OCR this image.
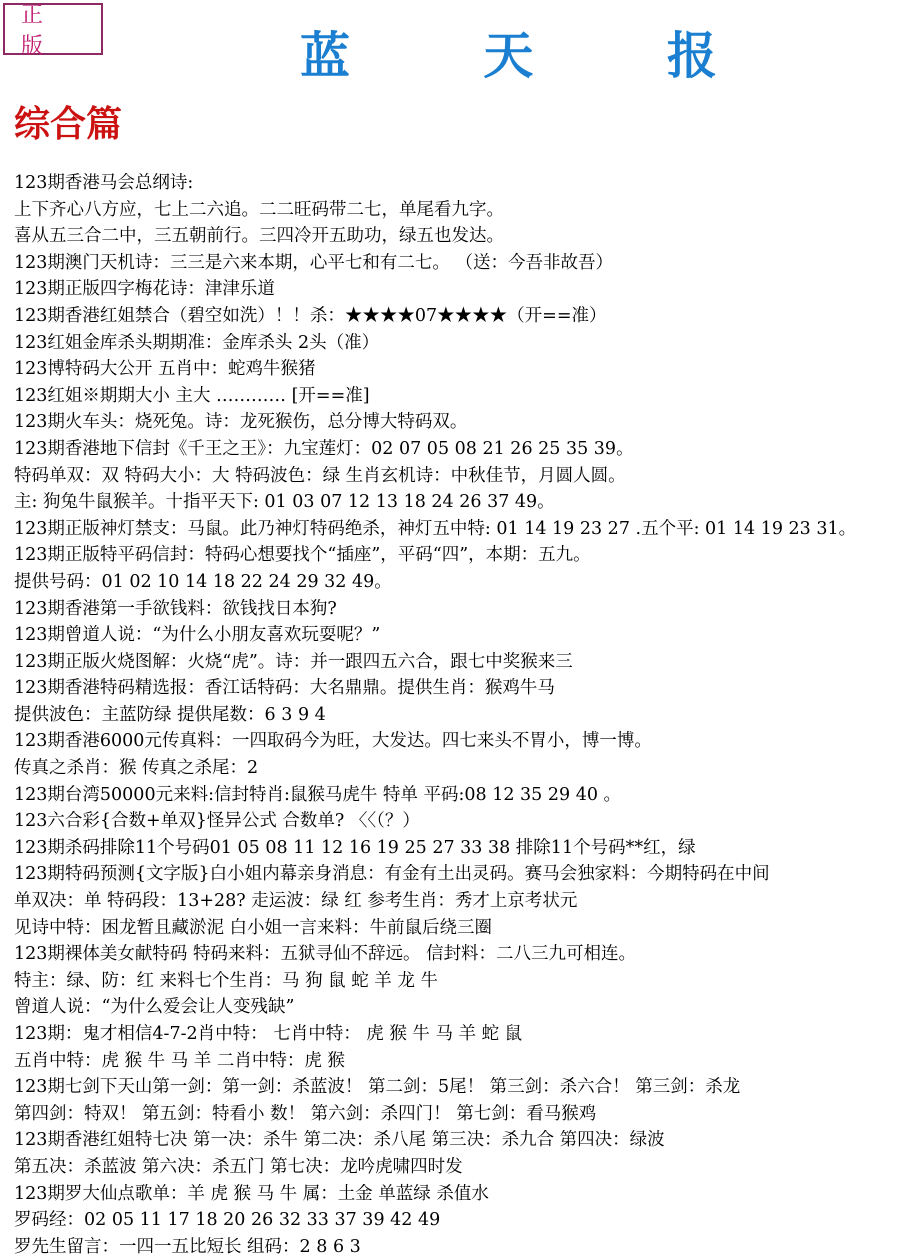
正 版	蓝 天 报
综合篇
123期香港马会总纲诗:
上下齐心八方应，七上二六追。二二旺码带二七，单尾看九字。
喜从五三合二中，三五朝前行。三四冷开五助功，绿五也发达。
123期澳门天机诗：三三是六来本期，心平七和有二七。 （送：今吾非故吾）
123期正版四字梅花诗：津津乐道
123期香港红姐禁合（碧空如洗）！！杀：★★★★07★★★★（开==准）
123红姐金库杀头期期准：金库杀头 2头（准）
123博特码大公开 五肖中：蛇鸡牛猴猪
123红姐※期期大小 主大 ………… [开==准]
123期火车头：烧死兔。诗：龙死猴伤，总分博大特码双。
123期香港地下信封《千王之王》：九宝莲灯：02 07 05 08 21 26 25 35 39。
特码单双：双 特码大小：大 特码波色：绿 生肖玄机诗：中秋佳节，月圆人圆。
主: 狗兔牛鼠猴羊。十指平天下: 01 03 07 12 13 18 24 26 37 49。
123期正版神灯禁支：马鼠。此乃神灯特码绝杀，神灯五中特: 01 14 19 23 27 .五个平: 01 14 19 23 31。
123期正版特平码信封：特码心想要找个“插座”，平码“四”，本期：五九。
提供号码：01 02 10 14 18 22 24 29 32 49。
123期香港第一手欲钱料：欲钱找日本狗?
123期曾道人说：“为什么小朋友喜欢玩耍呢？”
123期正版火烧图解：火烧“虎”。诗：并一跟四五六合，跟七中奖猴来三
123期香港特码精选报：香江话特码：大名鼎鼎。提供生肖：猴鸡牛马
提供波色：主蓝防绿 提供尾数：6 3 9 4
123期香港6000元传真料：一四取码今为旺，大发达。四七来头不胃小，博一博。
传真之杀肖：猴 传真之杀尾：2
123期台湾50000元来料:信封特肖:鼠猴马虎牛 特单 平码:08 12 35 29 40 。
123六合彩{合数+单双}怪异公式 合数单? 〈〈（？）
123期杀码排除11个号码01 05 08 11 12 16 19 25 27 33 38 排除11个号码**红，绿
123期特码预测{文字版}白小姐内幕亲身消息：有金有土出灵码。赛马会独家料：今期特码在中间
单双决：单 特码段：13+28? 走运波：绿 红 参考生肖：秀才上京考状元
见诗中特：困龙暂且藏淤泥 白小姐一言来料：牛前鼠后绕三圈
123期裸体美女献特码 特码来料：五狱寻仙不辞远。 信封料：二八三九可相连。
特主：绿、防：红 来料七个生肖：马 狗 鼠 蛇 羊 龙 牛
曾道人说：“为什么爱会让人变残缺”
123期：鬼才相信4-7-2肖中特： 七肖中特： 虎 猴 牛 马 羊 蛇 鼠
五肖中特：虎 猴 牛 马 羊 二肖中特：虎 猴
123期七剑下天山第一剑：第一剑：杀蓝波！ 第二剑：5尾！ 第三剑：杀六合！ 第三剑：杀龙
第四剑：特双！ 第五剑：特看小 数！ 第六剑：杀四门！ 第七剑：看马猴鸡
123期香港红姐特七决 第一决：杀牛 第二决：杀八尾 第三决：杀九合 第四决：绿波
第五决：杀蓝波 第六决：杀五门 第七决：龙吟虎啸四时发
123期罗大仙点歌单：羊 虎 猴 马 牛 属：土金 单蓝绿 杀值水
罗码经：02 05 11 17 18 20 26 32 33 37 39 42 49
罗先生留言：一四一五比短长 组码：2 8 6 3
